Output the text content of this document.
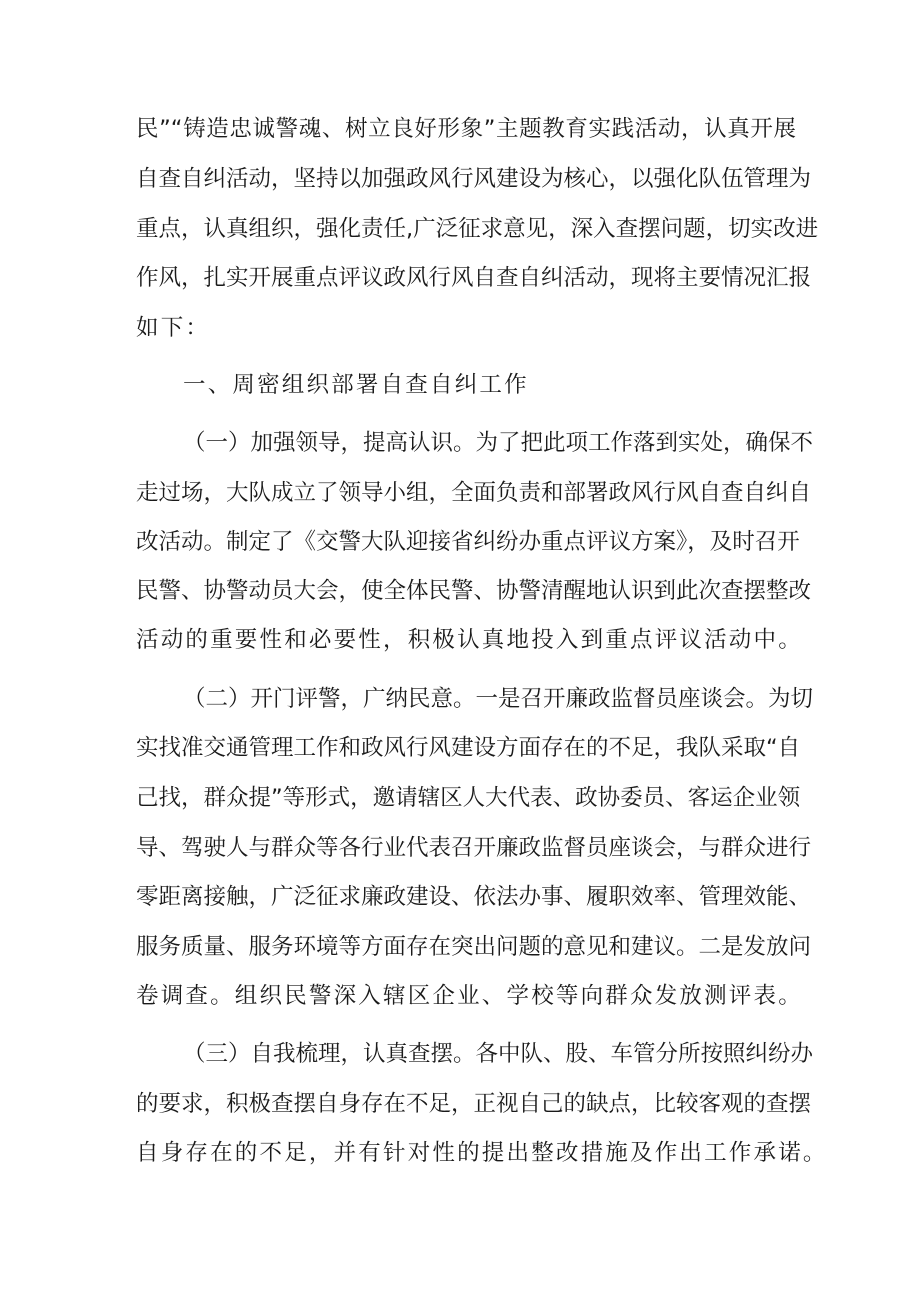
民”“铸造忠诚警魂、树立良好形象”主题教育实践活动，认真开展
自查自纠活动，坚持以加强政风行风建设为核心，以强化队伍管理为
重点，认真组织，强化责任,广泛征求意见，深入查摆问题，切实改进
作风，扎实开展重点评议政风行风自查自纠活动，现将主要情况汇报
如下：
一、周密组织部署自查自纠工作
（一）加强领导，提高认识。为了把此项工作落到实处，确保不
走过场，大队成立了领导小组，全面负责和部署政风行风自查自纠自
改活动。制定了《交警大队迎接省纠纷办重点评议方案》，及时召开
民警、协警动员大会，使全体民警、协警清醒地认识到此次查摆整改
活动的重要性和必要性，积极认真地投入到重点评议活动中。
（二）开门评警，广纳民意。一是召开廉政监督员座谈会。为切
实找准交通管理工作和政风行风建设方面存在的不足，我队采取“自
己找，群众提”等形式，邀请辖区人大代表、政协委员、客运企业领
导、驾驶人与群众等各行业代表召开廉政监督员座谈会，与群众进行
零距离接触，广泛征求廉政建设、依法办事、履职效率、管理效能、
服务质量、服务环境等方面存在突出问题的意见和建议。二是发放问
卷调查。组织民警深入辖区企业、学校等向群众发放测评表。
（三）自我梳理，认真查摆。各中队、股、车管分所按照纠纷办
的要求，积极查摆自身存在不足，正视自己的缺点，比较客观的查摆
自身存在的不足，并有针对性的提出整改措施及作出工作承诺。
